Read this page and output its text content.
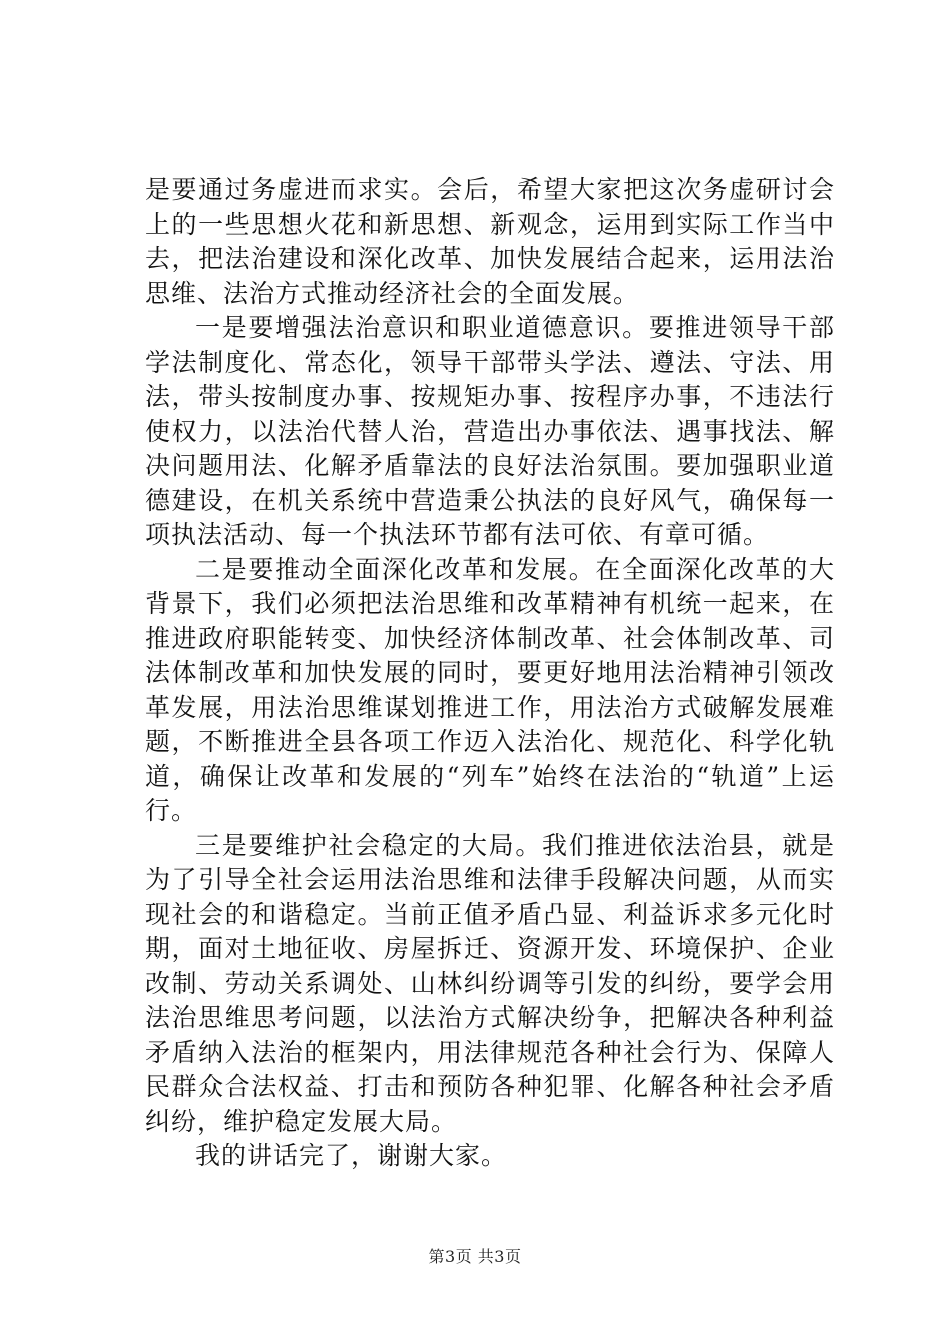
是要通过务虚进而求实。会后，希望大家把这次务虚研讨会上的一些思想火花和新思想、新观念，运用到实际工作当中去，把法治建设和深化改革、加快发展结合起来，运用法治思维、法治方式推动经济社会的全面发展。

一是要增强法治意识和职业道德意识。要推进领导干部学法制度化、常态化，领导干部带头学法、遵法、守法、用法，带头按制度办事、按规矩办事、按程序办事，不违法行使权力，以法治代替人治，营造出办事依法、遇事找法、解决问题用法、化解矛盾靠法的良好法治氛围。要加强职业道德建设，在机关系统中营造秉公执法的良好风气，确保每一项执法活动、每一个执法环节都有法可依、有章可循。

二是要推动全面深化改革和发展。在全面深化改革的大背景下，我们必须把法治思维和改革精神有机统一起来，在推进政府职能转变、加快经济体制改革、社会体制改革、司法体制改革和加快发展的同时，要更好地用法治精神引领改革发展，用法治思维谋划推进工作，用法治方式破解发展难题，不断推进全县各项工作迈入法治化、规范化、科学化轨道，确保让改革和发展的“列车”始终在法治的“轨道”上运行。

三是要维护社会稳定的大局。我们推进依法治县，就是为了引导全社会运用法治思维和法律手段解决问题，从而实现社会的和谐稳定。当前正值矛盾凸显、利益诉求多元化时期，面对土地征收、房屋拆迁、资源开发、环境保护、企业改制、劳动关系调处、山林纠纷调等引发的纠纷，要学会用法治思维思考问题，以法治方式解决纷争，把解决各种利益矛盾纳入法治的框架内，用法律规范各种社会行为、保障人民群众合法权益、打击和预防各种犯罪、化解各种社会矛盾纠纷，维护稳定发展大局。

我的讲话完了，谢谢大家。

第3页 共3页
